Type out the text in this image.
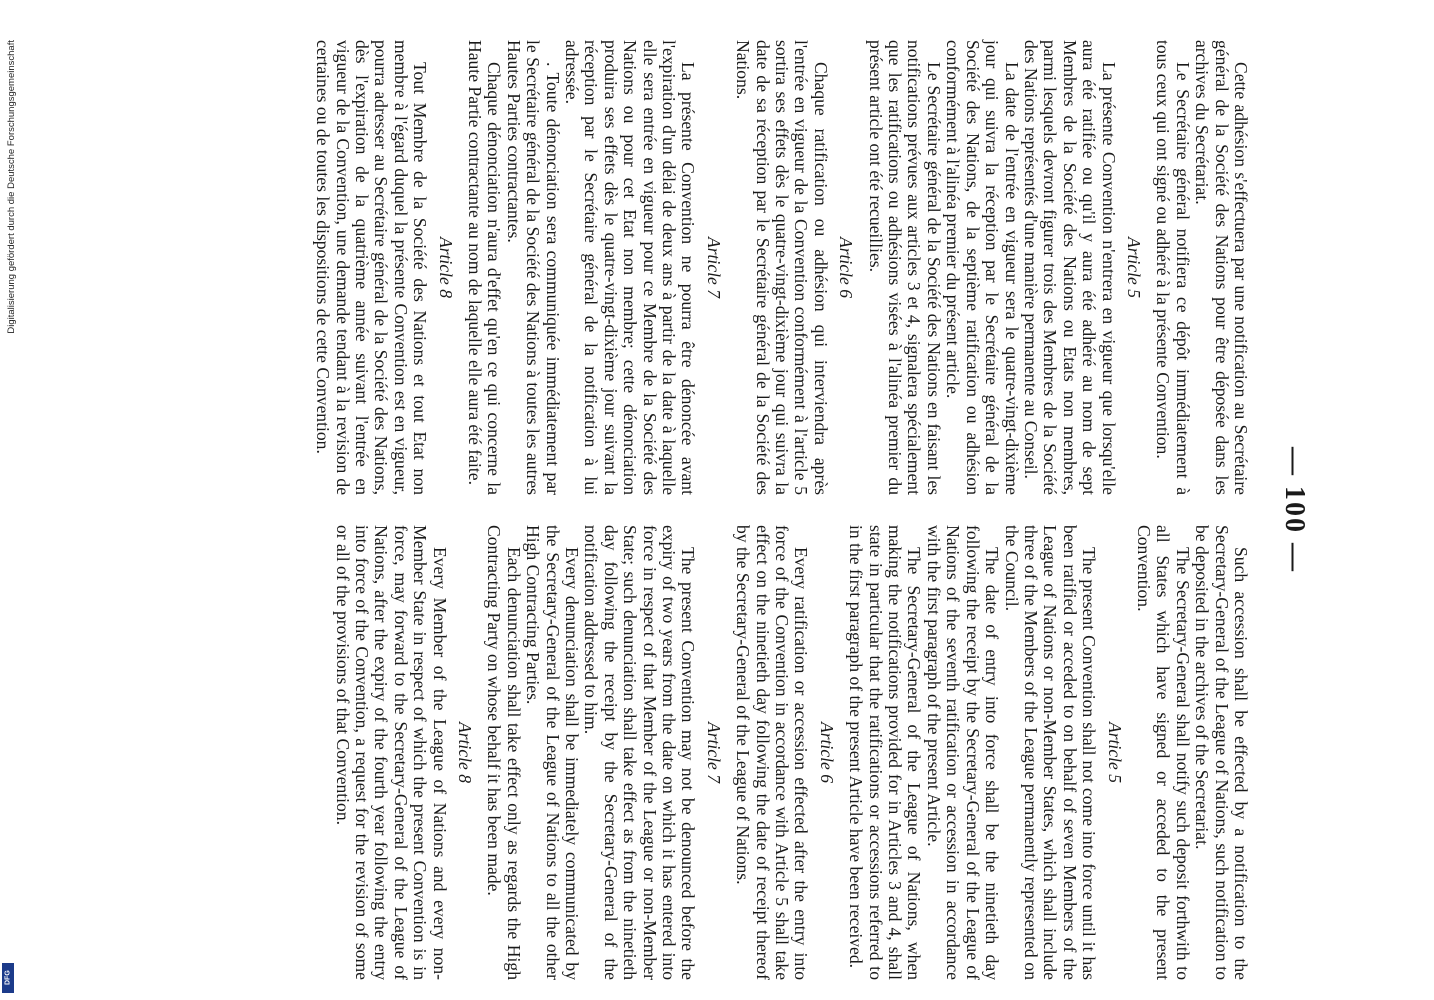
— 100 —

Cette adhésion s'effectuera par une notification au Secrétaire général de la Société des Nations pour être déposée dans les archives du Secrétariat.

Le Secrétaire général notifiera ce dépôt immédiatement à tous ceux qui ont signé ou adhéré à la présente Convention.

Article 5

La présente Convention n'entrera en vigueur que lorsqu'elle aura été ratifiée ou qu'il y aura été adhéré au nom de sept Membres de la Société des Nations ou Etats non membres, parmi lesquels devront figurer trois des Membres de la Société des Nations représentés d'une manière permanente au Conseil.

La date de l'entrée en vigueur sera le quatre-vingt-dixième jour qui suivra la réception par le Secrétaire général de la Société des Nations, de la septième ratification ou adhésion conformément à l'alinéa premier du présent article.

Le Secrétaire général de la Société des Nations en faisant les notifications prévues aux articles 3 et 4, signalera spécialement que les ratifications ou adhésions visées à l'alinéa premier du présent article ont été recueillies.

Article 6

Chaque ratification ou adhésion qui interviendra après l'entrée en vigueur de la Convention conformément à l'article 5 sortira ses effets dès le quatre-vingt-dixième jour qui suivra la date de sa réception par le Secrétaire général de la Société des Nations.

Article 7

La présente Convention ne pourra être dénoncée avant l'expiration d'un délai de deux ans à partir de la date à laquelle elle sera entrée en vigueur pour ce Membre de la Société des Nations ou pour cet Etat non membre; cette dénonciation produira ses effets dès le quatre-vingt-dixième jour suivant la réception par le Secrétaire général de la notification à lui adressée.

. Toute dénonciation sera communiquée immédiatement par le Secrétaire général de la Société des Nations à toutes les autres Hautes Parties contractantes.

Chaque dénonciation n'aura d'effet qu'en ce qui concerne la Haute Partie contractante au nom de laquelle elle aura été faite.

Article 8

Tout Membre de la Société des Nations et tout Etat non membre à l'égard duquel la présente Convention est en vigueur, pourra adresser au Secrétaire général de la Société des Nations, dès l'expiration de la quatrième année suivant l'entrée en vigueur de la Convention, une demande tendant à la revision de certaines ou de toutes les dispositions de cette Convention.

Such accession shall be effected by a notification to the Secretary-General of the League of Nations, such notification to be deposited in the archives of the Secretariat.

The Secretary-General shall notify such deposit forthwith to all States which have signed or acceded to the present Convention.

Article 5

The present Convention shall not come into force until it has been ratified or acceded to on behalf of seven Members of the League of Nations or non-Member States, which shall include three of the Members of the League permanently represented on the Council.

The date of entry into force shall be the ninetieth day following the receipt by the Secretary-General of the League of Nations of the seventh ratification or accession in accordance with the first paragraph of the present Article.

The Secretary-General of the League of Nations, when making the notifications provided for in Articles 3 and 4, shall state in particular that the ratifications or accessions referred to in the first paragraph of the present Article have been received.

Article 6

Every ratification or accession effected after the entry into force of the Convention in accordance with Article 5 shall take effect on the ninetieth day following the date of receipt thereof by the Secretary-General of the League of Nations.

Article 7

The present Convention may not be denounced before the expiry of two years from the date on which it has entered into force in respect of that Member of the League or non-Member State; such denunciation shall take effect as from the ninetieth day following the receipt by the Secretary-General of the notification addressed to him.

Every denunciation shall be immediately communicated by the Secretary-General of the League of Nations to all the other High Contracting Parties.

Each denunciation shall take effect only as regards the High Contracting Party on whose behalf it has been made.

Article 8

Every Member of the League of Nations and every non-Member State in respect of which the present Convention is in force, may forward to the Secretary-General of the League of Nations, after the expiry of the fourth year following the entry into force of the Convention, a request for the revision of some or all of the provisions of that Convention.

Digitalisierung gefördert durch die Deutsche Forschungsgemeinschaft
DFG
